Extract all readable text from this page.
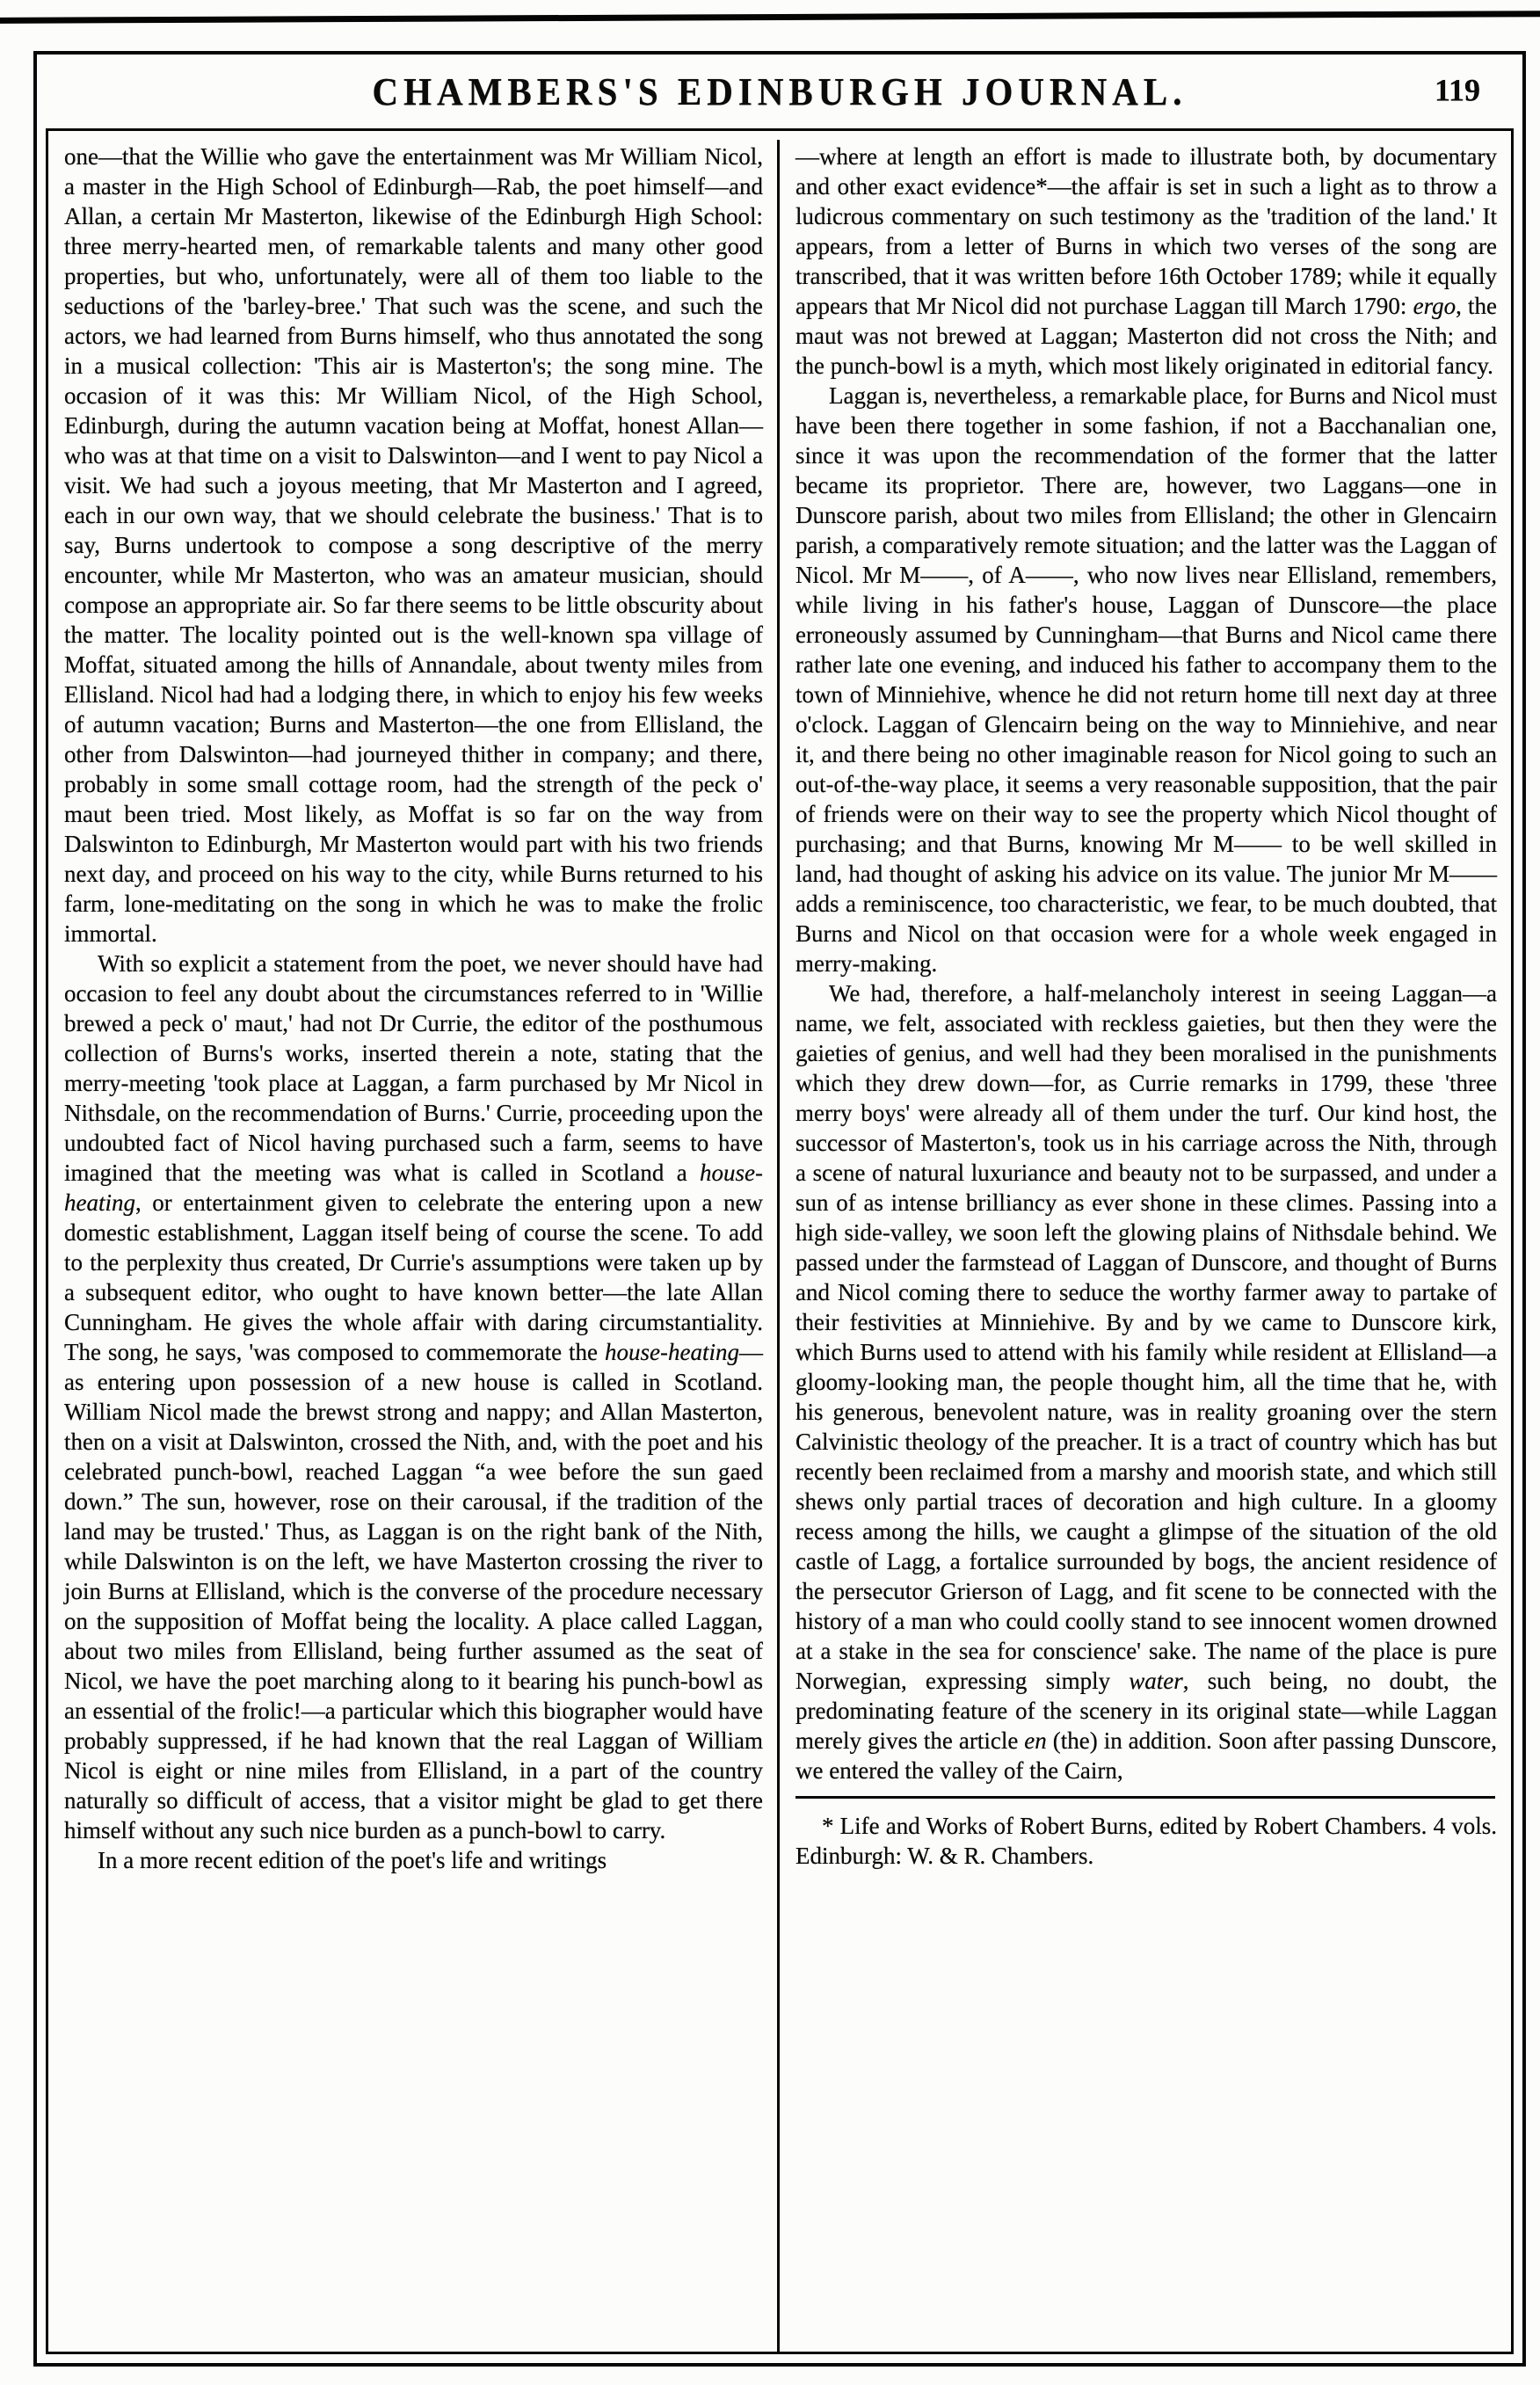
CHAMBERS'S EDINBURGH JOURNAL.	119

one—that the Willie who gave the entertainment was Mr William Nicol, a master in the High School of Edinburgh—Rab, the poet himself—and Allan, a certain Mr Masterton, likewise of the Edinburgh High School: three merry-hearted men, of remarkable talents and many other good properties, but who, unfortunately, were all of them too liable to the seductions of the 'barley-bree.' That such was the scene, and such the actors, we had learned from Burns himself, who thus annotated the song in a musical collection: 'This air is Masterton's; the song mine. The occasion of it was this: Mr William Nicol, of the High School, Edinburgh, during the autumn vacation being at Moffat, honest Allan—who was at that time on a visit to Dalswinton—and I went to pay Nicol a visit. We had such a joyous meeting, that Mr Masterton and I agreed, each in our own way, that we should celebrate the business.' That is to say, Burns undertook to compose a song descriptive of the merry encounter, while Mr Masterton, who was an amateur musician, should compose an appropriate air. So far there seems to be little obscurity about the matter. The locality pointed out is the well-known spa village of Moffat, situated among the hills of Annandale, about twenty miles from Ellisland. Nicol had had a lodging there, in which to enjoy his few weeks of autumn vacation; Burns and Masterton—the one from Ellisland, the other from Dalswinton—had journeyed thither in company; and there, probably in some small cottage room, had the strength of the peck o' maut been tried. Most likely, as Moffat is so far on the way from Dalswinton to Edinburgh, Mr Masterton would part with his two friends next day, and proceed on his way to the city, while Burns returned to his farm, lone-meditating on the song in which he was to make the frolic immortal.

With so explicit a statement from the poet, we never should have had occasion to feel any doubt about the circumstances referred to in 'Willie brewed a peck o' maut,' had not Dr Currie, the editor of the posthumous collection of Burns's works, inserted therein a note, stating that the merry-meeting 'took place at Laggan, a farm purchased by Mr Nicol in Nithsdale, on the recommendation of Burns.' Currie, proceeding upon the undoubted fact of Nicol having purchased such a farm, seems to have imagined that the meeting was what is called in Scotland a house-heating, or entertainment given to celebrate the entering upon a new domestic establishment, Laggan itself being of course the scene. To add to the perplexity thus created, Dr Currie's assumptions were taken up by a subsequent editor, who ought to have known better—the late Allan Cunningham. He gives the whole affair with daring circumstantiality. The song, he says, 'was composed to commemorate the house-heating—as entering upon possession of a new house is called in Scotland. William Nicol made the brewst strong and nappy; and Allan Masterton, then on a visit at Dalswinton, crossed the Nith, and, with the poet and his celebrated punch-bowl, reached Laggan “a wee before the sun gaed down.” The sun, however, rose on their carousal, if the tradition of the land may be trusted.' Thus, as Laggan is on the right bank of the Nith, while Dalswinton is on the left, we have Masterton crossing the river to join Burns at Ellisland, which is the converse of the procedure necessary on the supposition of Moffat being the locality. A place called Laggan, about two miles from Ellisland, being further assumed as the seat of Nicol, we have the poet marching along to it bearing his punch-bowl as an essential of the frolic!—a particular which this biographer would have probably suppressed, if he had known that the real Laggan of William Nicol is eight or nine miles from Ellisland, in a part of the country naturally so difficult of access, that a visitor might be glad to get there himself without any such nice burden as a punch-bowl to carry.

In a more recent edition of the poet's life and writings

—where at length an effort is made to illustrate both, by documentary and other exact evidence*—the affair is set in such a light as to throw a ludicrous commentary on such testimony as the 'tradition of the land.' It appears, from a letter of Burns in which two verses of the song are transcribed, that it was written before 16th October 1789; while it equally appears that Mr Nicol did not purchase Laggan till March 1790: ergo, the maut was not brewed at Laggan; Masterton did not cross the Nith; and the punch-bowl is a myth, which most likely originated in editorial fancy.

Laggan is, nevertheless, a remarkable place, for Burns and Nicol must have been there together in some fashion, if not a Bacchanalian one, since it was upon the recommendation of the former that the latter became its proprietor. There are, however, two Laggans—one in Dunscore parish, about two miles from Ellisland; the other in Glencairn parish, a comparatively remote situation; and the latter was the Laggan of Nicol. Mr M——, of A——, who now lives near Ellisland, remembers, while living in his father's house, Laggan of Dunscore—the place erroneously assumed by Cunningham—that Burns and Nicol came there rather late one evening, and induced his father to accompany them to the town of Minniehive, whence he did not return home till next day at three o'clock. Laggan of Glencairn being on the way to Minniehive, and near it, and there being no other imaginable reason for Nicol going to such an out-of-the-way place, it seems a very reasonable supposition, that the pair of friends were on their way to see the property which Nicol thought of purchasing; and that Burns, knowing Mr M—— to be well skilled in land, had thought of asking his advice on its value. The junior Mr M—— adds a reminiscence, too characteristic, we fear, to be much doubted, that Burns and Nicol on that occasion were for a whole week engaged in merry-making.

We had, therefore, a half-melancholy interest in seeing Laggan—a name, we felt, associated with reckless gaieties, but then they were the gaieties of genius, and well had they been moralised in the punishments which they drew down—for, as Currie remarks in 1799, these 'three merry boys' were already all of them under the turf. Our kind host, the successor of Masterton's, took us in his carriage across the Nith, through a scene of natural luxuriance and beauty not to be surpassed, and under a sun of as intense brilliancy as ever shone in these climes. Passing into a high side-valley, we soon left the glowing plains of Nithsdale behind. We passed under the farmstead of Laggan of Dunscore, and thought of Burns and Nicol coming there to seduce the worthy farmer away to partake of their festivities at Minniehive. By and by we came to Dunscore kirk, which Burns used to attend with his family while resident at Ellisland—a gloomy-looking man, the people thought him, all the time that he, with his generous, benevolent nature, was in reality groaning over the stern Calvinistic theology of the preacher. It is a tract of country which has but recently been reclaimed from a marshy and moorish state, and which still shews only partial traces of decoration and high culture. In a gloomy recess among the hills, we caught a glimpse of the situation of the old castle of Lagg, a fortalice surrounded by bogs, the ancient residence of the persecutor Grierson of Lagg, and fit scene to be connected with the history of a man who could coolly stand to see innocent women drowned at a stake in the sea for conscience' sake. The name of the place is pure Norwegian, expressing simply water, such being, no doubt, the predominating feature of the scenery in its original state—while Laggan merely gives the article en (the) in addition. Soon after passing Dunscore, we entered the valley of the Cairn,

* Life and Works of Robert Burns, edited by Robert Chambers. 4 vols. Edinburgh: W. & R. Chambers.
